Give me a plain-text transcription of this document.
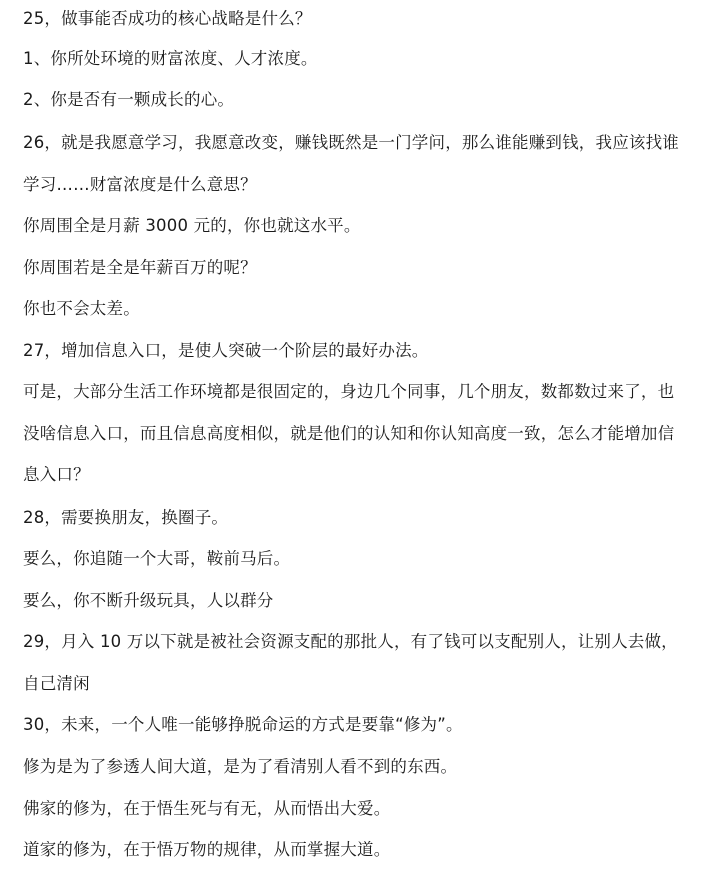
25，做事能否成功的核心战略是什么？
1、你所处环境的财富浓度、人才浓度。
2、你是否有一颗成长的心。
26，就是我愿意学习，我愿意改变，赚钱既然是一门学问，那么谁能赚到钱，我应该找谁
学习……财富浓度是什么意思？
你周围全是月薪 3000 元的，你也就这水平。
你周围若是全是年薪百万的呢？
你也不会太差。
27，增加信息入口，是使人突破一个阶层的最好办法。
可是，大部分生活工作环境都是很固定的，身边几个同事，几个朋友，数都数过来了，也
没啥信息入口，而且信息高度相似，就是他们的认知和你认知高度一致，怎么才能增加信
息入口？
28，需要换朋友，换圈子。
要么，你追随一个大哥，鞍前马后。
要么，你不断升级玩具，人以群分
29，月入 10 万以下就是被社会资源支配的那批人，有了钱可以支配别人，让别人去做，
自己清闲
30，未来，一个人唯一能够挣脱命运的方式是要靠“修为”。
修为是为了参透人间大道，是为了看清别人看不到的东西。
佛家的修为，在于悟生死与有无，从而悟出大爱。
道家的修为，在于悟万物的规律，从而掌握大道。
